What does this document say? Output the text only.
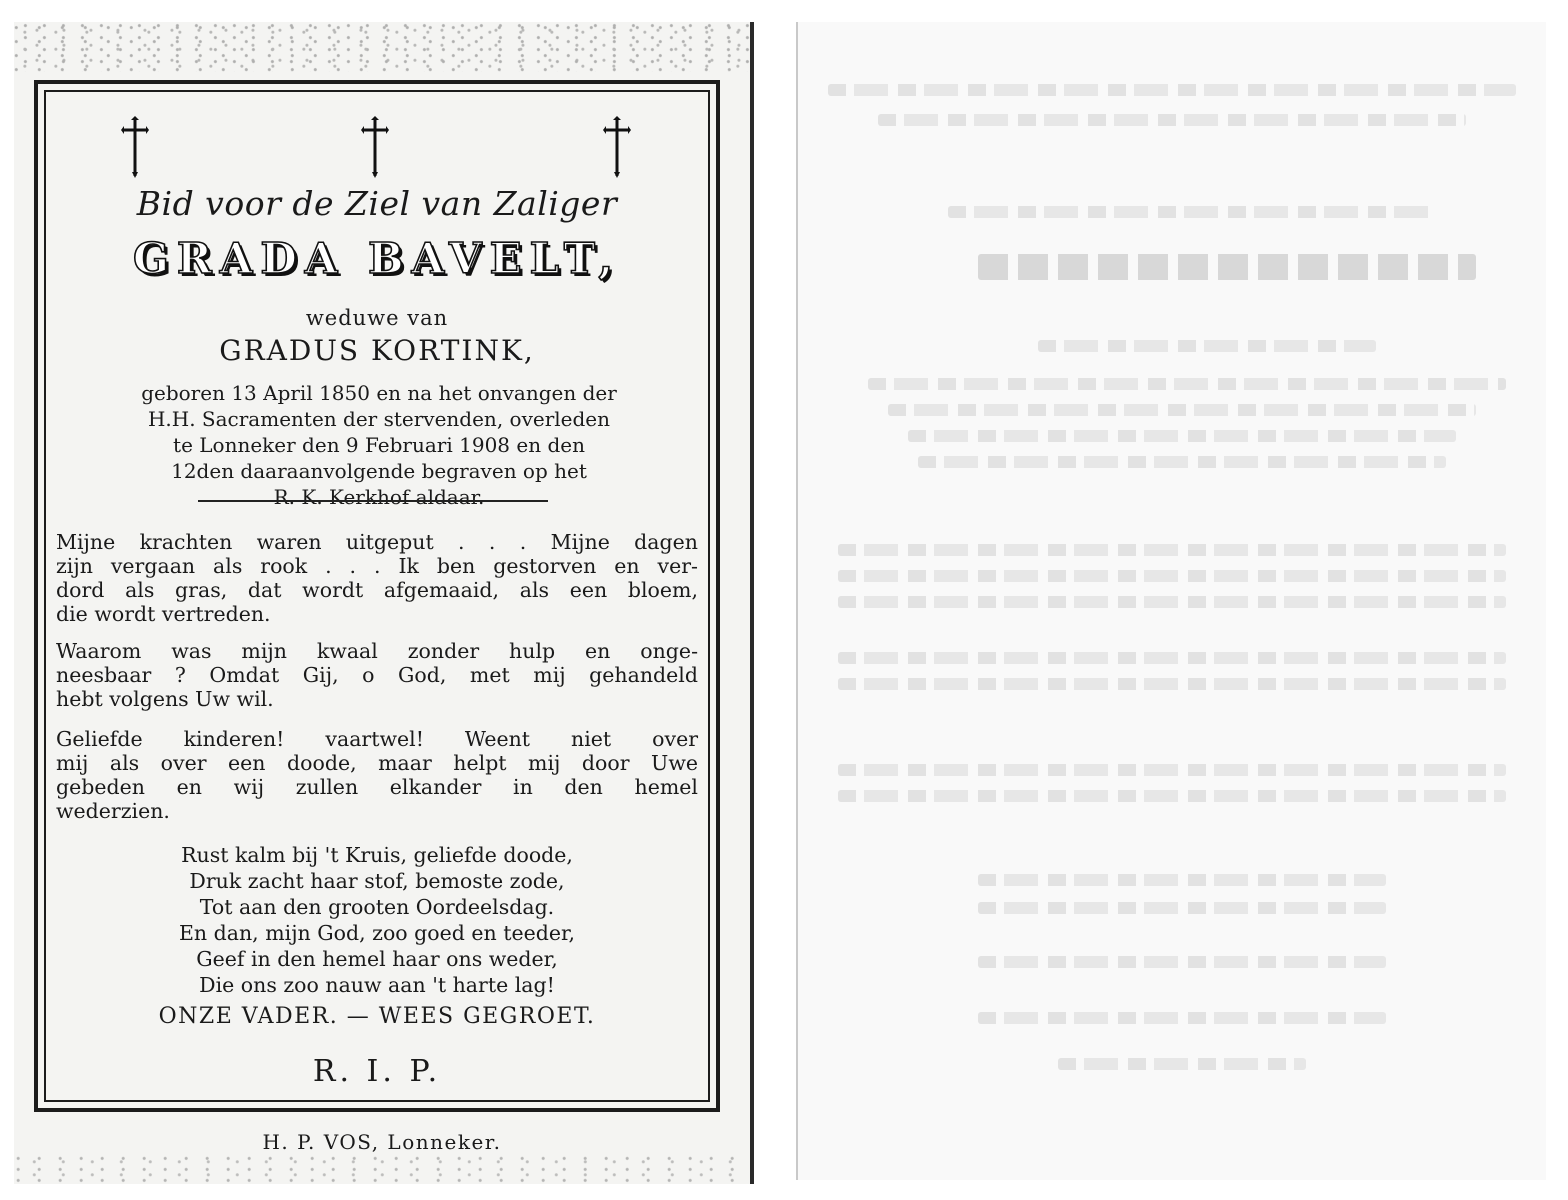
Bid voor de Ziel van Zaliger
GRADA BAVELT,
weduwe van
GRADUS KORTINK,
geboren 13 April 1850 en na het onvangen der
H.H. Sacramenten der stervenden, overleden
te Lonneker den 9 Februari 1908 en den
12den daaraanvolgende begraven op het
R. K. Kerkhof aldaar.
Mijne krachten waren uitgeput . . . Mijne dagen
zijn vergaan als rook . . . Ik ben gestorven en ver-
dord als gras, dat wordt afgemaaid, als een bloem,
die wordt vertreden.
Waarom was mijn kwaal zonder hulp en onge-
neesbaar ? Omdat Gij, o God, met mij gehandeld
hebt volgens Uw wil.
Geliefde kinderen! vaartwel! Weent niet over
mij als over een doode, maar helpt mij door Uwe
gebeden en wij zullen elkander in den hemel
wederzien.
Rust kalm bij 't Kruis, geliefde doode,
Druk zacht haar stof, bemoste zode,
Tot aan den grooten Oordeelsdag.
En dan, mijn God, zoo goed en teeder,
Geef in den hemel haar ons weder,
Die ons zoo nauw aan 't harte lag!
ONZE VADER. — WEES GEGROET.
R. I. P.
H. P. VOS, Lonneker.
